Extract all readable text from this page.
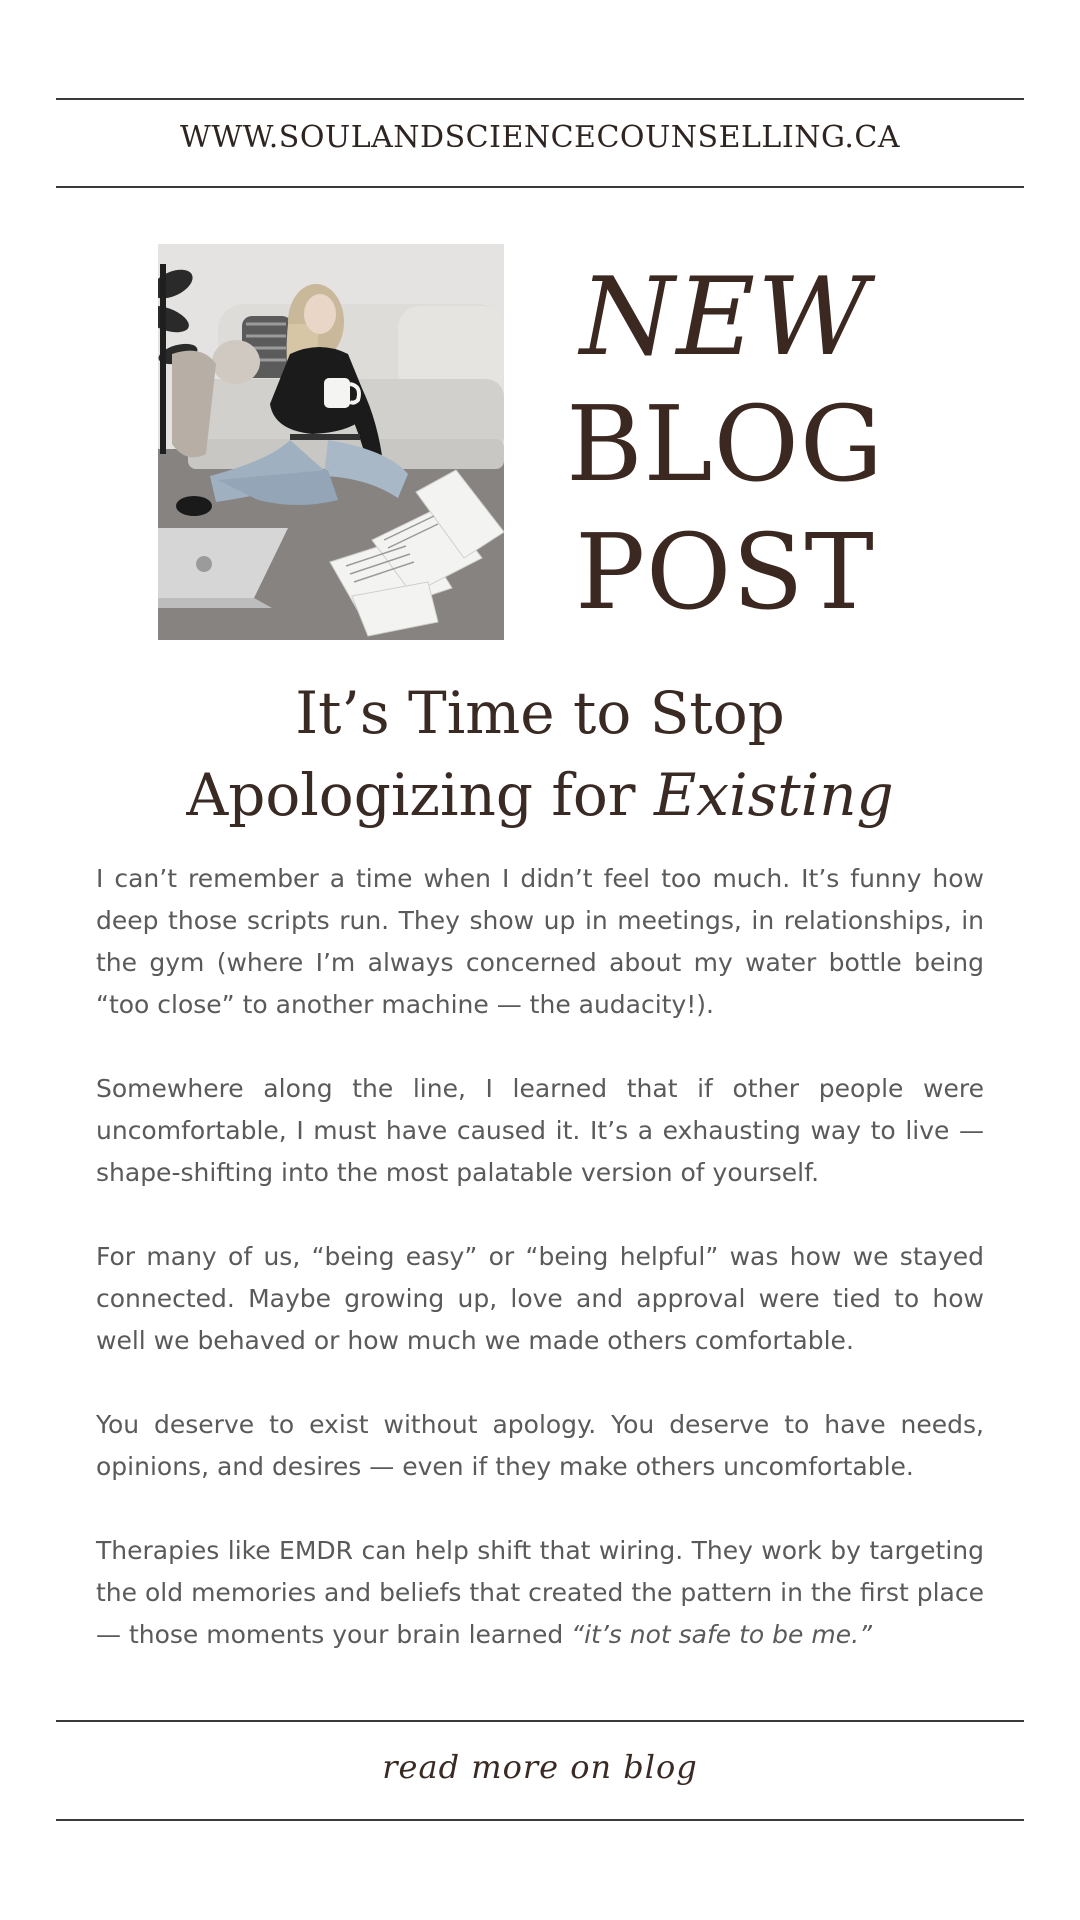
WWW.SOULANDSCIENCECOUNSELLING.CA
NEW
BLOG
POST
It’s Time to Stop
Apologizing for Existing

I can’t remember a time when I didn’t feel too much. It’s funny how deep those scripts run. They show up in meetings, in relationships, in the gym (where I’m always concerned about my water bottle being “too close” to another machine — the audacity!).

Somewhere along the line, I learned that if other people were uncomfortable, I must have caused it. It’s a exhausting way to live — shape-shifting into the most palatable version of yourself.

For many of us, “being easy” or “being helpful” was how we stayed connected. Maybe growing up, love and approval were tied to how well we behaved or how much we made others comfortable.

You deserve to exist without apology. You deserve to have needs, opinions, and desires — even if they make others uncomfortable.

Therapies like EMDR can help shift that wiring. They work by targeting the old memories and beliefs that created the pattern in the first place — those moments your brain learned “it’s not safe to be me.”

read more on blog
